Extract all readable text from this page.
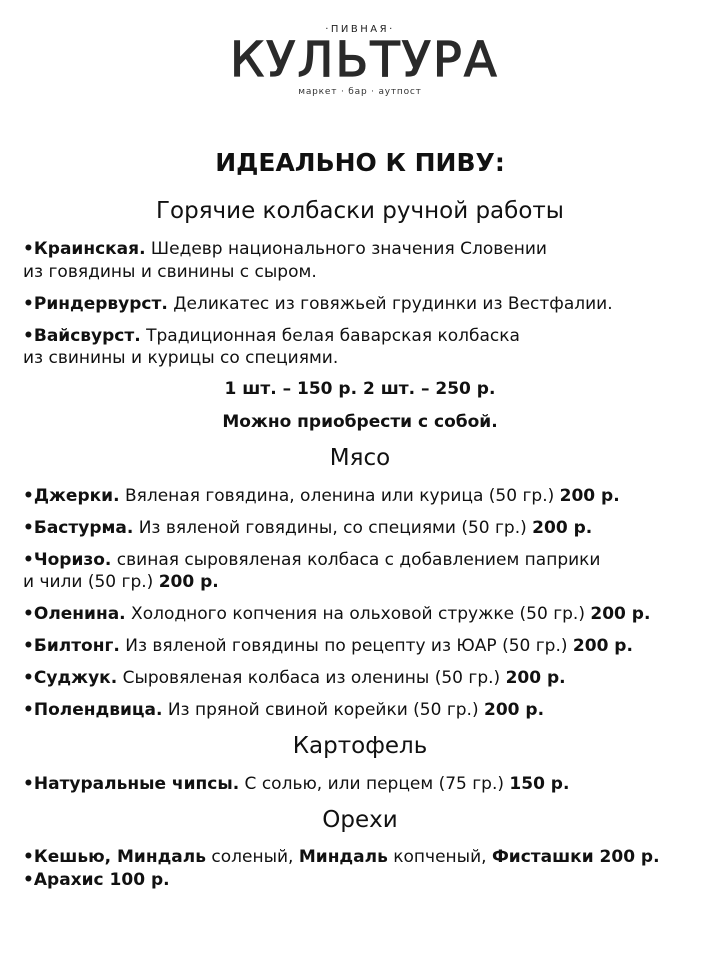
·ПИВНАЯ·
КУЛЬТУРА
маркет · бар · аутпост
ИДЕАЛЬНО К ПИВУ:
Горячие колбаски ручной работы
•Краинская. Шедевр национального значения Словении
из говядины и свинины с сыром.
•Риндервурст. Деликатес из говяжьей грудинки из Вестфалии.
•Вайсвурст. Традиционная белая баварская колбаска
из свинины и курицы со специями.
1 шт. – 150 р. 2 шт. – 250 р.
Можно приобрести с собой.
Мясо
•Джерки. Вяленая говядина, оленина или курица (50 гр.) 200 р.
•Бастурма. Из вяленой говядины, со специями (50 гр.) 200 р.
•Чоризо. свиная сыровяленая колбаса с добавлением паприки
и чили (50 гр.) 200 р.
•Оленина. Холодного копчения на ольховой стружке (50 гр.) 200 р.
•Билтонг. Из вяленой говядины по рецепту из ЮАР (50 гр.) 200 р.
•Суджук. Сыровяленая колбаса из оленины (50 гр.) 200 р.
•Полендвица. Из пряной свиной корейки (50 гр.) 200 р.
Картофель
•Натуральные чипсы. С солью, или перцем (75 гр.) 150 р.
Орехи
•Кешью, Миндаль соленый, Миндаль копченый, Фисташки 200 р.
•Арахис 100 р.
